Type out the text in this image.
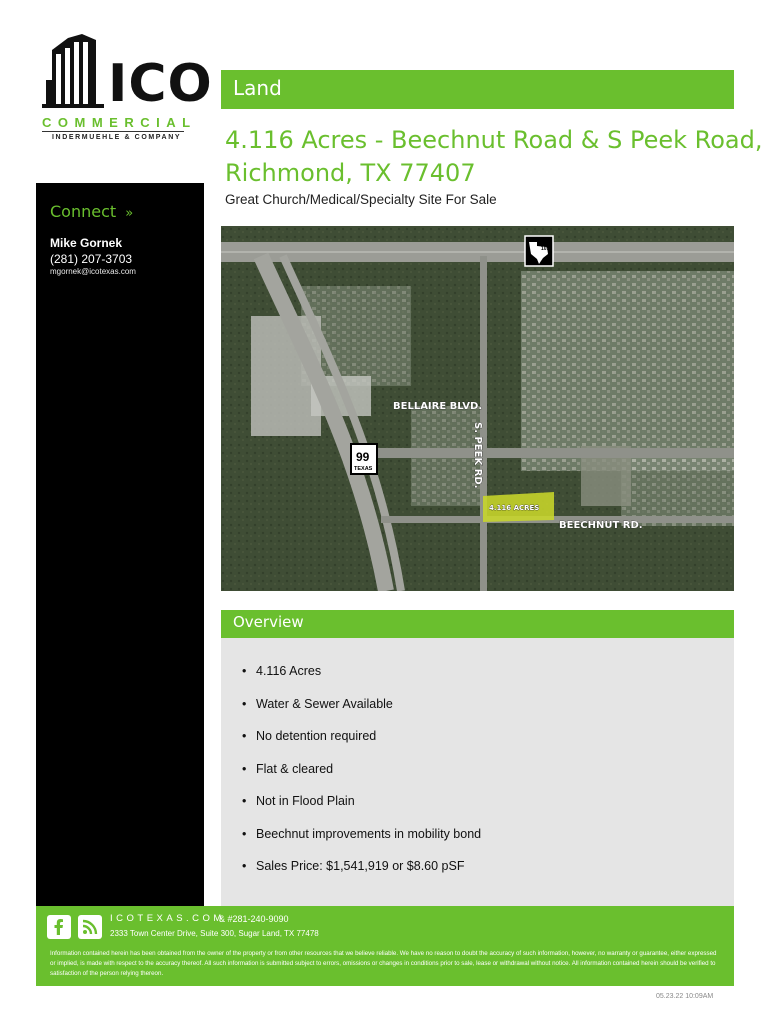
ICO
COMMERCIAL
INDERMUEHLE & COMPANY
Connect »
Mike Gornek
(281) 207-3703
mgornek@icotexas.com
Land
4.116 Acres - Beechnut Road & S Peek Road,
Richmond, TX 77407
Great Church/Medical/Specialty Site For Sale
4.116 ACRES
BELLAIRE BLVD.
S. PEEK RD.
BEECHNUT RD.
99
TEXAS
1093
Overview
• 4.116 Acres
• Water & Sewer Available
• No detention required
• Flat & cleared
• Not in Flood Plain
• Beechnut improvements in mobility bond
• Sales Price: $1,541,919 or $8.60 pSF
ICOTEXAS.COM
& #281-240-9090
2333 Town Center Drive, Suite 300, Sugar Land, TX 77478
Information contained herein has been obtained from the owner of the property or from other resources that we believe reliable. We have no reason to doubt the accuracy of such information, however, no warranty or guarantee, either expressed or implied, is made with respect to the accuracy thereof. All such information is submitted subject to errors, omissions or changes in conditions prior to sale, lease or withdrawal without notice. All information contained herein should be verified to satisfaction of the person relying thereon.
05.23.22 10:09AM
